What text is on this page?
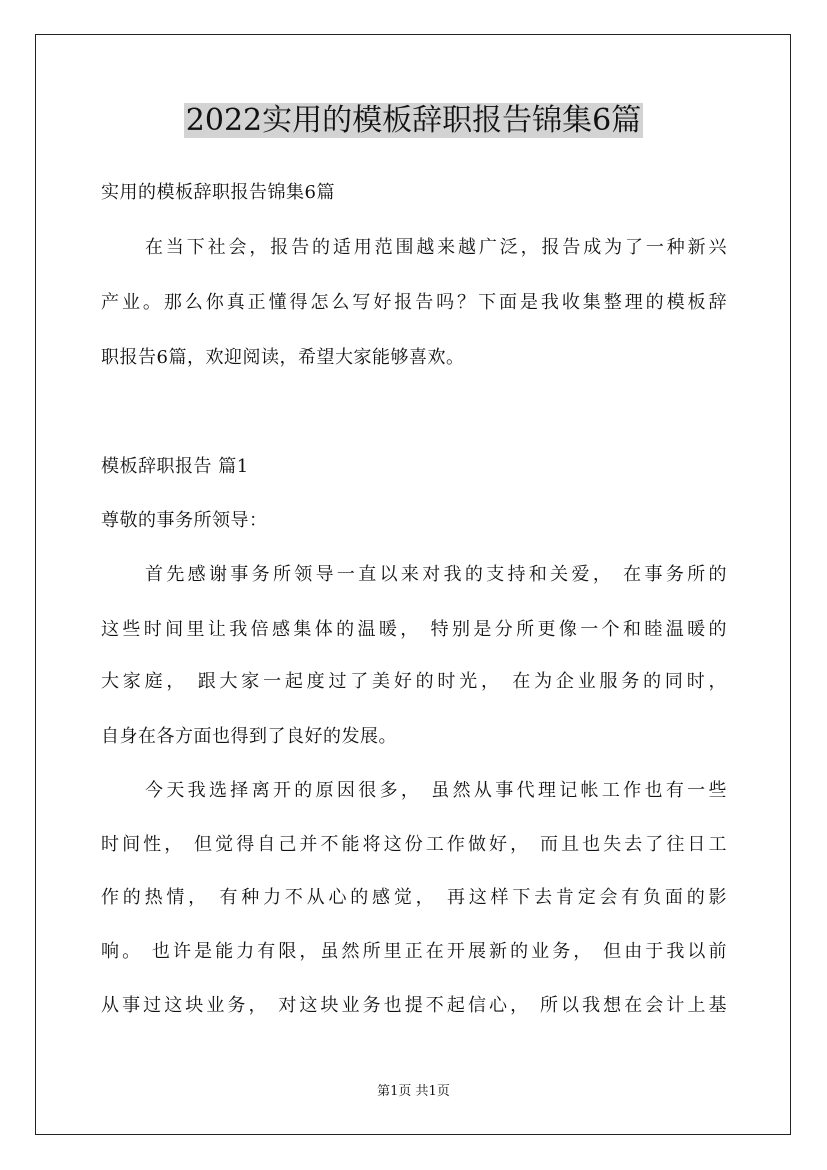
2022实用的模板辞职报告锦集6篇
实用的模板辞职报告锦集6篇
在当下社会，报告的适用范围越来越广泛，报告成为了一种新兴
产业。那么你真正懂得怎么写好报告吗？下面是我收集整理的模板辞
职报告6篇，欢迎阅读，希望大家能够喜欢。
模板辞职报告 篇1
尊敬的事务所领导：
首先感谢事务所领导一直以来对我的支持和关爱， 在事务所的
这些时间里让我倍感集体的温暖， 特别是分所更像一个和睦温暖的
大家庭， 跟大家一起度过了美好的时光， 在为企业服务的同时，
自身在各方面也得到了良好的发展。
今天我选择离开的原因很多， 虽然从事代理记帐工作也有一些
时间性， 但觉得自己并不能将这份工作做好， 而且也失去了往日工
作的热情， 有种力不从心的感觉， 再这样下去肯定会有负面的影
响。 也许是能力有限，虽然所里正在开展新的业务， 但由于我以前
从事过这块业务， 对这块业务也提不起信心， 所以我想在会计上基
第1页 共1页
